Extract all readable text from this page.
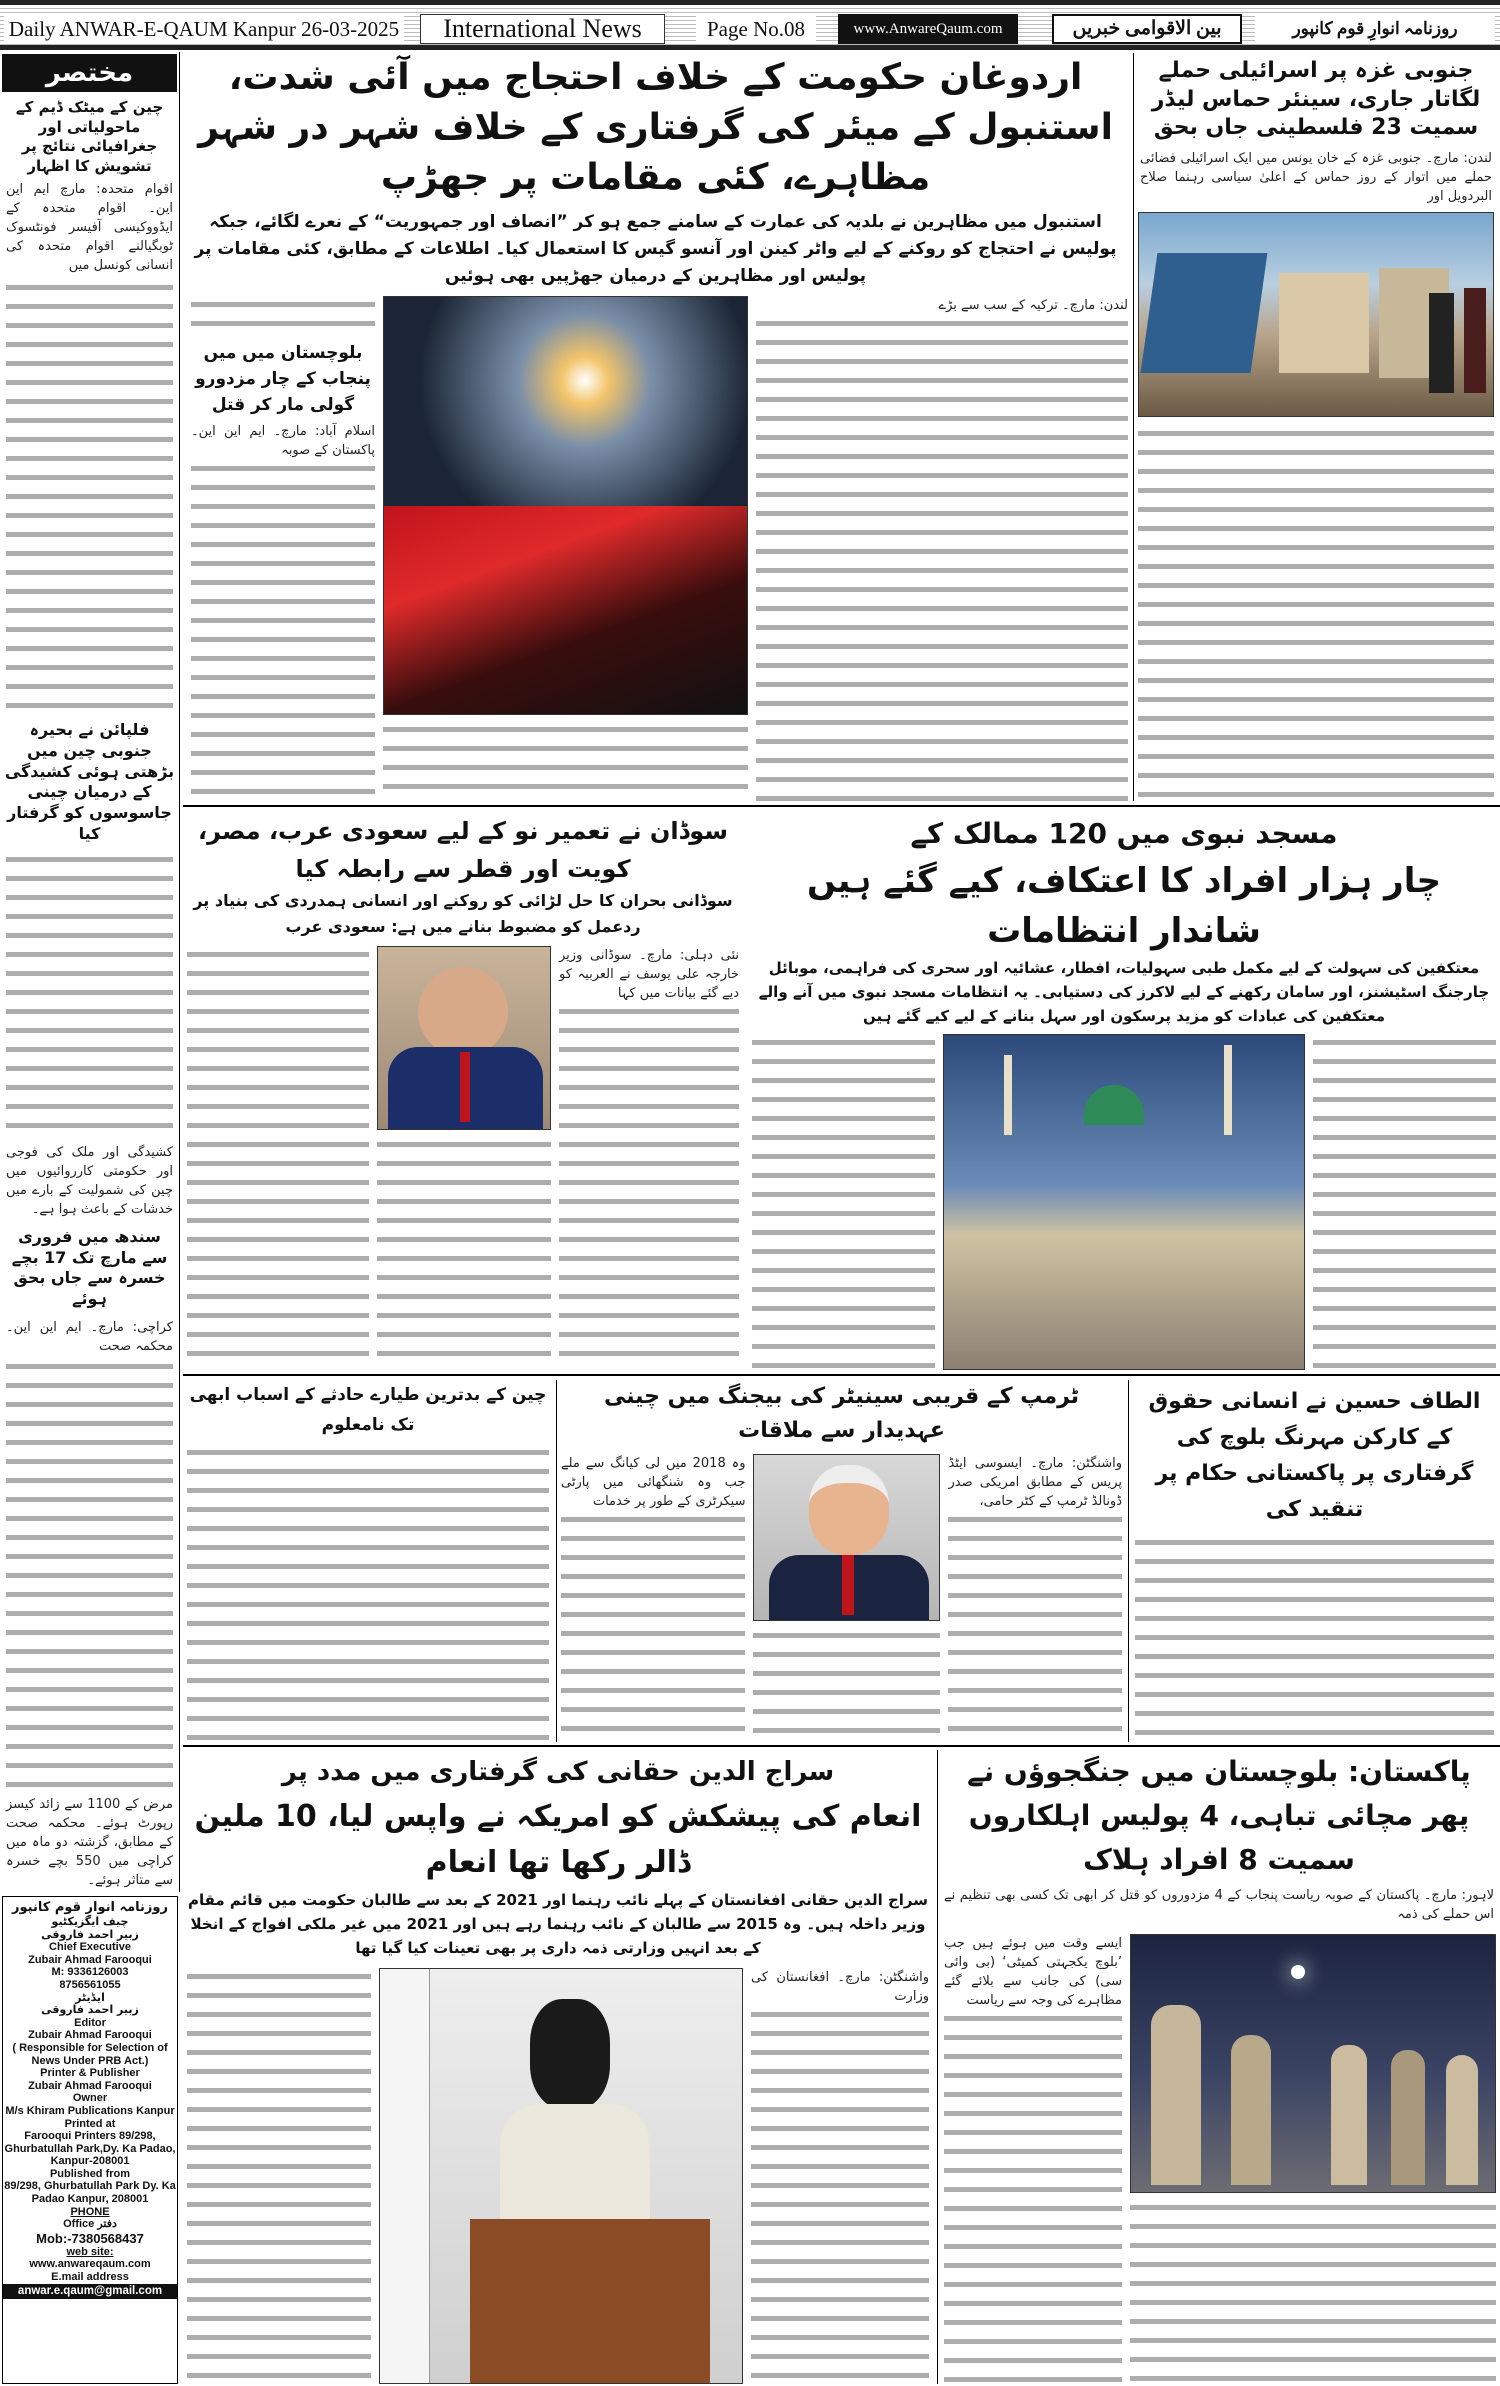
Daily ANWAR-E-QAUM Kanpur 26-03-2025	International News	Page No.08	www.AnwareQaum.com	بین الاقوامی خبریں	روزنامہ انوارِ قوم کانپور
مختصر
چین کے میٹک ڈیم کے ماحولیاتی اور جغرافیائی نتائج پر تشویش کا اظہار
اقوام متحدہ: مارچ ایم این این۔ اقوام متحدہ کے ایڈووکیسی آفیسر فونٹسوک ٹوبگیالنے اقوام متحدہ کی انسانی کونسل میں
فلپائن نے بحیرہ جنوبی چین میں بڑھتی ہوئی کشیدگی کے درمیان چینی جاسوسوں کو گرفتار کیا
کشیدگی اور ملک کی فوجی اور حکومتی کارروائیوں میں چین کی شمولیت کے بارے میں خدشات کے باعث ہوا ہے۔
سندھ میں فروری سے مارچ تک 17 بچے خسرہ سے جاں بحق ہوئے
کراچی: مارچ۔ ایم این این۔ محکمہ صحت
مرض کے 1100 سے زائد کیسز رپورٹ ہوئے۔ محکمہ صحت کے مطابق، گزشتہ دو ماہ میں کراچی میں 550 بچے خسرہ سے متاثر ہوئے۔
روزنامہ انوارِ قوم کانپور
چیف ایگزیکٹیو
زبیر احمد فاروقی
Chief Executive
Zubair Ahmad Farooqui
M: 9336126003
8756561055
ایڈیٹر
زبیر احمد فاروقی
Editor
Zubair Ahmad Farooqui
( Responsible for Selection of News Under PRB Act.)
Printer & Publisher
Zubair Ahmad Farooqui
Owner
M/s Khiram Publications Kanpur
Printed at
Farooqui Printers 89/298, Ghurbatullah Park,Dy. Ka Padao, Kanpur-208001
Published from
89/298, Ghurbatullah Park Dy. Ka Padao Kanpur, 208001
PHONE
Office دفتر
Mob:-7380568437
web site:
www.anwareqaum.com
E.mail address
anwar.e.qaum@gmail.com
جنوبی غزہ پر اسرائیلی حملے لگاتار جاری، سینئر حماس لیڈر سمیت 23 فلسطینی جاں بحق
لندن: مارچ۔ جنوبی غزہ کے خان یونس میں ایک اسرائیلی فضائی حملے میں اتوار کے روز حماس کے اعلیٰ سیاسی رہنما صلاح البردویل اور
اردوغان حکومت کے خلاف احتجاج میں آئی شدت،
استنبول کے میئر کی گرفتاری کے خلاف شہر در شہر مظاہرے، کئی مقامات پر جھڑپ
استنبول میں مظاہرین نے بلدیہ کی عمارت کے سامنے جمع ہو کر ”انصاف اور جمہوریت“ کے نعرے لگائے، جبکہ پولیس نے احتجاج کو روکنے کے لیے واٹر کینن اور آنسو گیس کا استعمال کیا۔ اطلاعات کے مطابق، کئی مقامات پر پولیس اور مظاہرین کے درمیان جھڑپیں بھی ہوئیں
لندن: مارچ۔ ترکیہ کے سب سے بڑے
بلوچستان میں میں پنجاب کے چار مزدورو گولی مار کر قتل
اسلام آباد: مارچ۔ ایم این این۔ پاکستان کے صوبہ
سوڈان نے تعمیر نو کے لیے سعودی عرب، مصر، کویت اور قطر سے رابطہ کیا
سوڈانی بحران کا حل لڑائی کو روکنے اور انسانی ہمدردی کی بنیاد پر ردعمل کو مضبوط بنانے میں ہے: سعودی عرب
نئی دہلی: مارچ۔ سوڈانی وزیر خارجہ علی یوسف نے العربیہ کو دیے گئے بیانات میں کہا
مسجد نبوی میں 120 ممالک کے
چار ہزار افراد کا اعتکاف، کیے گئے ہیں شاندار انتظامات
معتکفین کی سہولت کے لیے مکمل طبی سہولیات، افطار، عشائیہ اور سحری کی فراہمی، موبائل چارجنگ اسٹیشنز، اور سامان رکھنے کے لیے لاکرز کی دستیابی۔ یہ انتظامات مسجد نبوی میں آنے والے معتکفین کی عبادات کو مزید پرسکون اور سہل بنانے کے لیے کیے گئے ہیں
چین کے بدترین طیارے حادثے کے اسباب ابھی تک نامعلوم
ٹرمپ کے قریبی سینیٹر کی بیجنگ میں چینی عہدیدار سے ملاقات
واشنگٹن: مارچ۔ ایسوسی ایٹڈ پریس کے مطابق امریکی صدر ڈونالڈ ٹرمپ کے کٹر حامی،
وہ 2018 میں لی کیانگ سے ملے جب وہ شنگھائی میں پارٹی سیکرٹری کے طور پر خدمات
الطاف حسین نے انسانی حقوق کے کارکن مہرنگ بلوچ کی گرفتاری پر پاکستانی حکام پر تنقید کی
سراج الدین حقانی کی گرفتاری میں مدد پر
انعام کی پیشکش کو امریکہ نے واپس لیا، 10 ملین ڈالر رکھا تھا انعام
سراج الدین حقانی افغانستان کے پہلے نائب رہنما اور 2021 کے بعد سے طالبان حکومت میں قائم مقام وزیر داخلہ ہیں۔ وہ 2015 سے طالبان کے نائب رہنما رہے ہیں اور 2021 میں غیر ملکی افواج کے انخلا کے بعد انہیں وزارتی ذمہ داری پر بھی تعینات کیا گیا تھا
واشنگٹن: مارچ۔ افغانستان کی وزارت
پاکستان: بلوچستان میں جنگجوؤں نے
پھر مچائی تباہی، 4 پولیس اہلکاروں سمیت 8 افراد ہلاک
لاہور: مارچ۔ پاکستان کے صوبہ ریاست پنجاب کے 4 مزدوروں کو قتل کر ابھی تک کسی بھی تنظیم نے اس حملے کی ذمہ
ایسے وقت میں ہوئے ہیں جب ’بلوچ یکجہتی کمیٹی‘ (بی وائی سی) کی جانب سے بلائے گئے مظاہرے کی وجہ سے ریاست
